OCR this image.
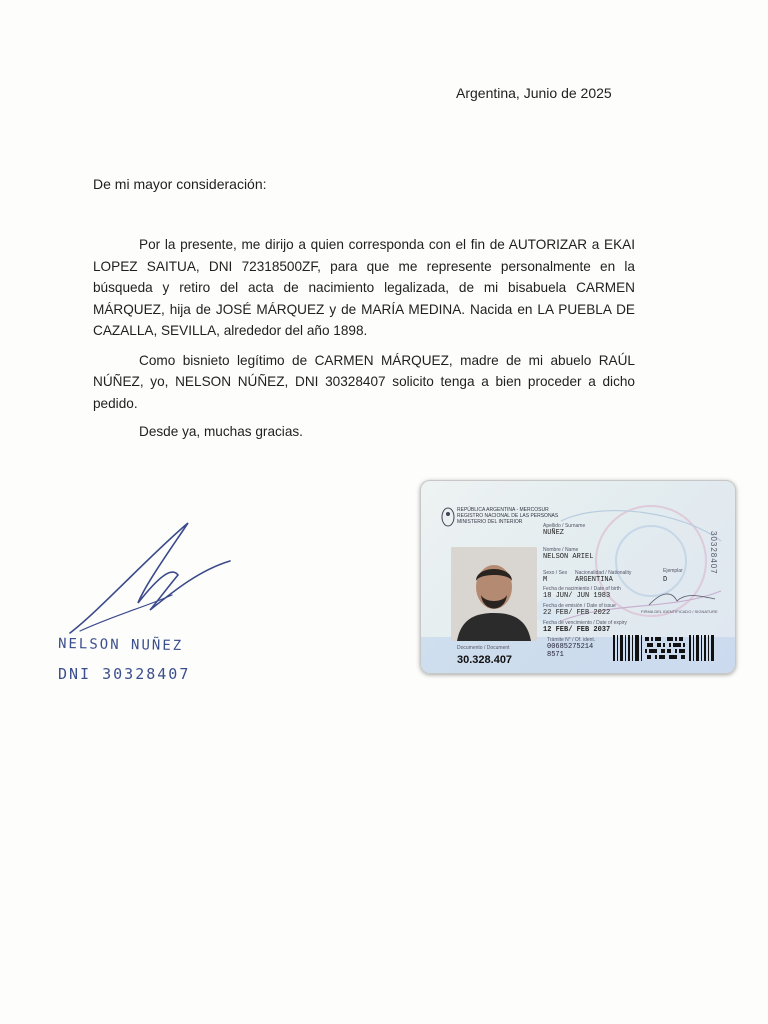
Argentina, Junio de 2025
De mi mayor consideración:

Por la presente, me dirijo a quien corresponda con el fin de AUTORIZAR a EKAI LOPEZ SAITUA, DNI 72318500ZF, para que me represente personalmente en la búsqueda y retiro del acta de nacimiento legalizada, de mi bisabuela CARMEN MÁRQUEZ, hija de JOSÉ MÁRQUEZ y de MARÍA MEDINA. Nacida en LA PUEBLA DE CAZALLA, SEVILLA, alrededor del año 1898.

Como bisnieto legítimo de CARMEN MÁRQUEZ, madre de mi abuelo RAÚL NÚÑEZ, yo, NELSON NÚÑEZ, DNI 30328407 solicito tenga a bien proceder a dicho pedido.

Desde ya, muchas gracias.
NELSON NUÑEZ
DNI 30328407
REPÚBLICA ARGENTINA - MERCOSUR
REGISTRO NACIONAL DE LAS PERSONAS
MINISTERIO DEL INTERIOR
Apellido / Surname
NUÑEZ
Nombre / Name
NELSON ARIEL
Sexo / Sex
M
Nacionalidad / Nationality
ARGENTINA
Ejemplar
D
Fecha de nacimiento / Date of birth
18 JUN/ JUN 1983
Fecha de emisión / Date of issue
22 FEB/ FEB 2022
Fecha de vencimiento / Date of expiry
12 FEB/ FEB 2037
FIRMA DEL IDENTIFICADO / SIGNATURE
30328407
Documento / Document
30.328.407
Trámite N° / Of. ident.
00685275214
8571
